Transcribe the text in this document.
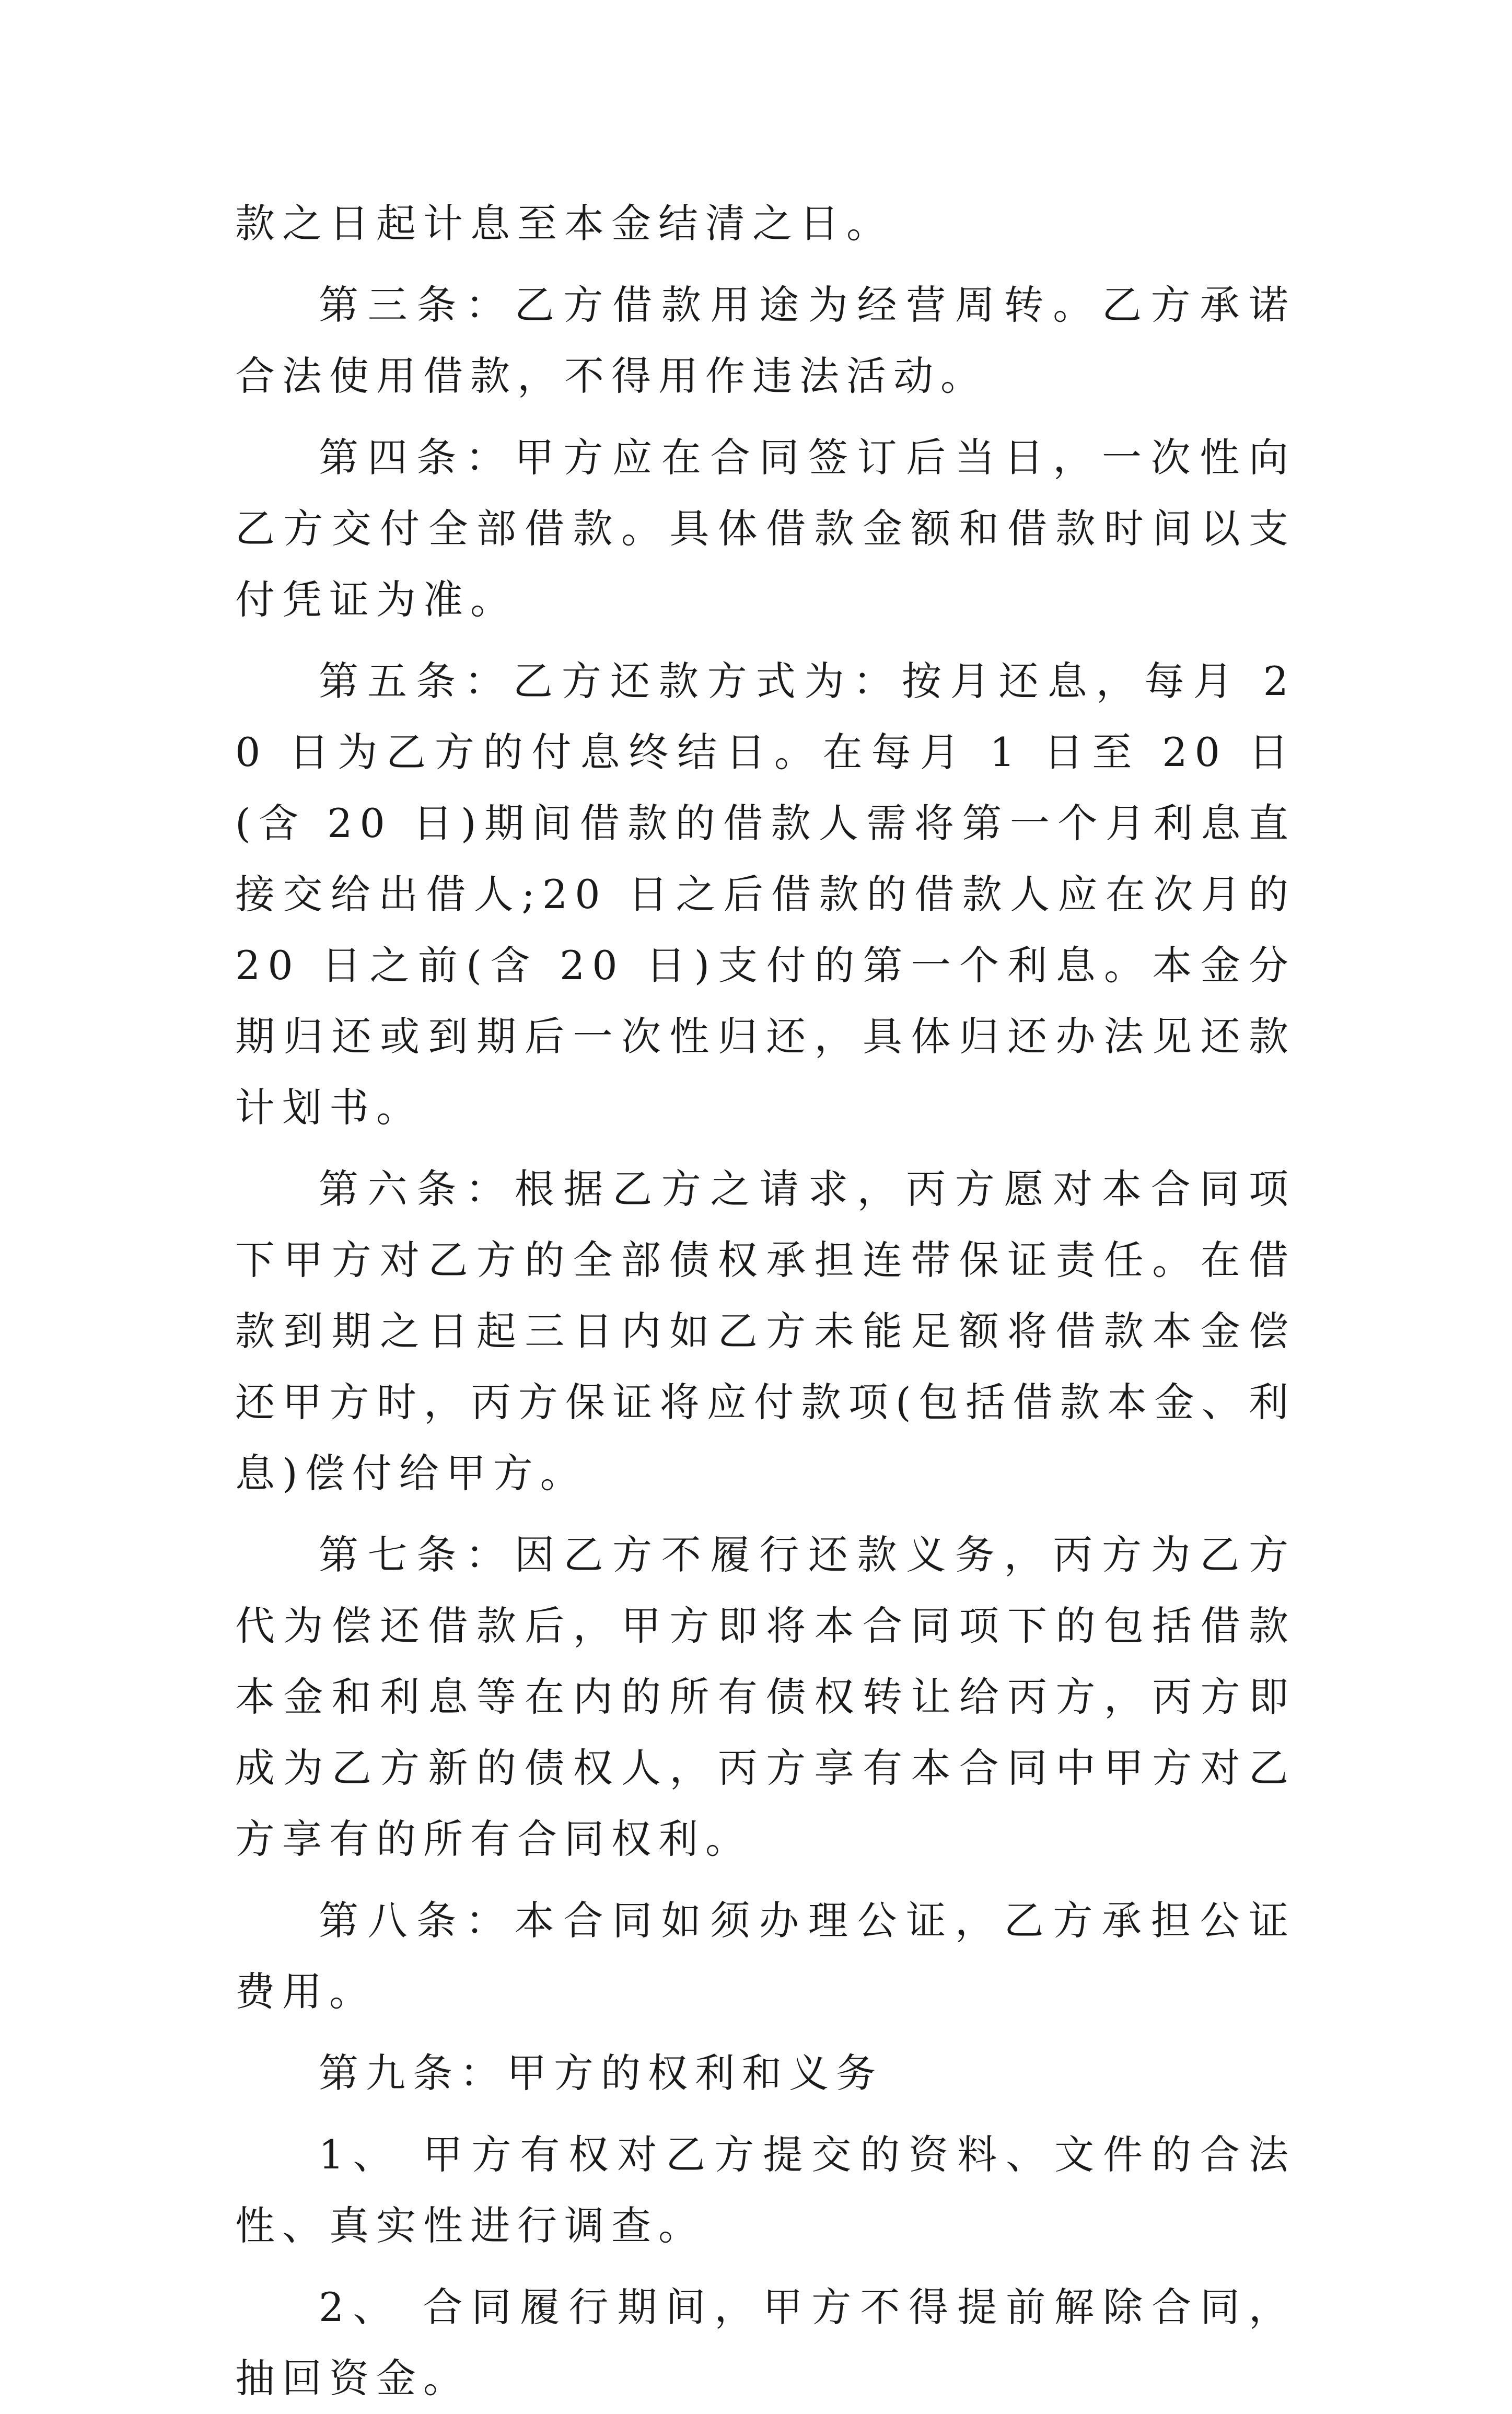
款之日起计息至本金结清之日。

第三条：乙方借款用途为经营周转。乙方承诺合法使用借款，不得用作违法活动。

第四条：甲方应在合同签订后当日，一次性向乙方交付全部借款。具体借款金额和借款时间以支付凭证为准。

第五条：乙方还款方式为：按月还息，每月 20 日为乙方的付息终结日。在每月 1 日至 20 日(含 20 日)期间借款的借款人需将第一个月利息直接交给出借人;20 日之后借款的借款人应在次月的 20 日之前(含 20 日)支付的第一个利息。本金分期归还或到期后一次性归还，具体归还办法见还款计划书。

第六条：根据乙方之请求，丙方愿对本合同项下甲方对乙方的全部债权承担连带保证责任。在借款到期之日起三日内如乙方未能足额将借款本金偿还甲方时，丙方保证将应付款项(包括借款本金、利息)偿付给甲方。

第七条：因乙方不履行还款义务，丙方为乙方代为偿还借款后，甲方即将本合同项下的包括借款本金和利息等在内的所有债权转让给丙方，丙方即成为乙方新的债权人，丙方享有本合同中甲方对乙方享有的所有合同权利。

第八条：本合同如须办理公证，乙方承担公证费用。

第九条：甲方的权利和义务

1、 甲方有权对乙方提交的资料、文件的合法性、真实性进行调查。

2、 合同履行期间，甲方不得提前解除合同，抽回资金。
